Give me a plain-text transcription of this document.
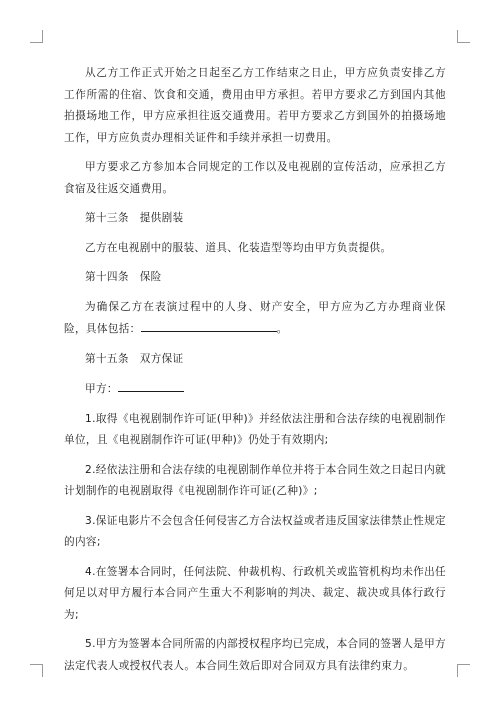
从乙方工作正式开始之日起至乙方工作结束之日止，甲方应负责安排乙方工作所需的住宿、饮食和交通，费用由甲方承担。若甲方要求乙方到国内其他拍摄场地工作，甲方应承担往返交通费用。若甲方要求乙方到国外的拍摄场地工作，甲方应负责办理相关证件和手续并承担一切费用。

甲方要求乙方参加本合同规定的工作以及电视剧的宣传活动，应承担乙方食宿及往返交通费用。

第十三条　提供剧装

乙方在电视剧中的服装、道具、化装造型等均由甲方负责提供。

第十四条　保险

为确保乙方在表演过程中的人身、财产安全，甲方应为乙方办理商业保险，具体包括：	。

第十五条　双方保证

甲方：

1.取得《电视剧制作许可证(甲种)》并经依法注册和合法存续的电视剧制作单位，且《电视剧制作许可证(甲种)》仍处于有效期内;

2.经依法注册和合法存续的电视剧制作单位并将于本合同生效之日起日内就计划制作的电视剧取得《电视剧制作许可证(乙种)》;

3.保证电影片不会包含任何侵害乙方合法权益或者违反国家法律禁止性规定的内容;

4.在签署本合同时，任何法院、仲裁机构、行政机关或监管机构均未作出任何足以对甲方履行本合同产生重大不利影响的判决、裁定、裁决或具体行政行为;

5.甲方为签署本合同所需的内部授权程序均已完成，本合同的签署人是甲方法定代表人或授权代表人。本合同生效后即对合同双方具有法律约束力。
